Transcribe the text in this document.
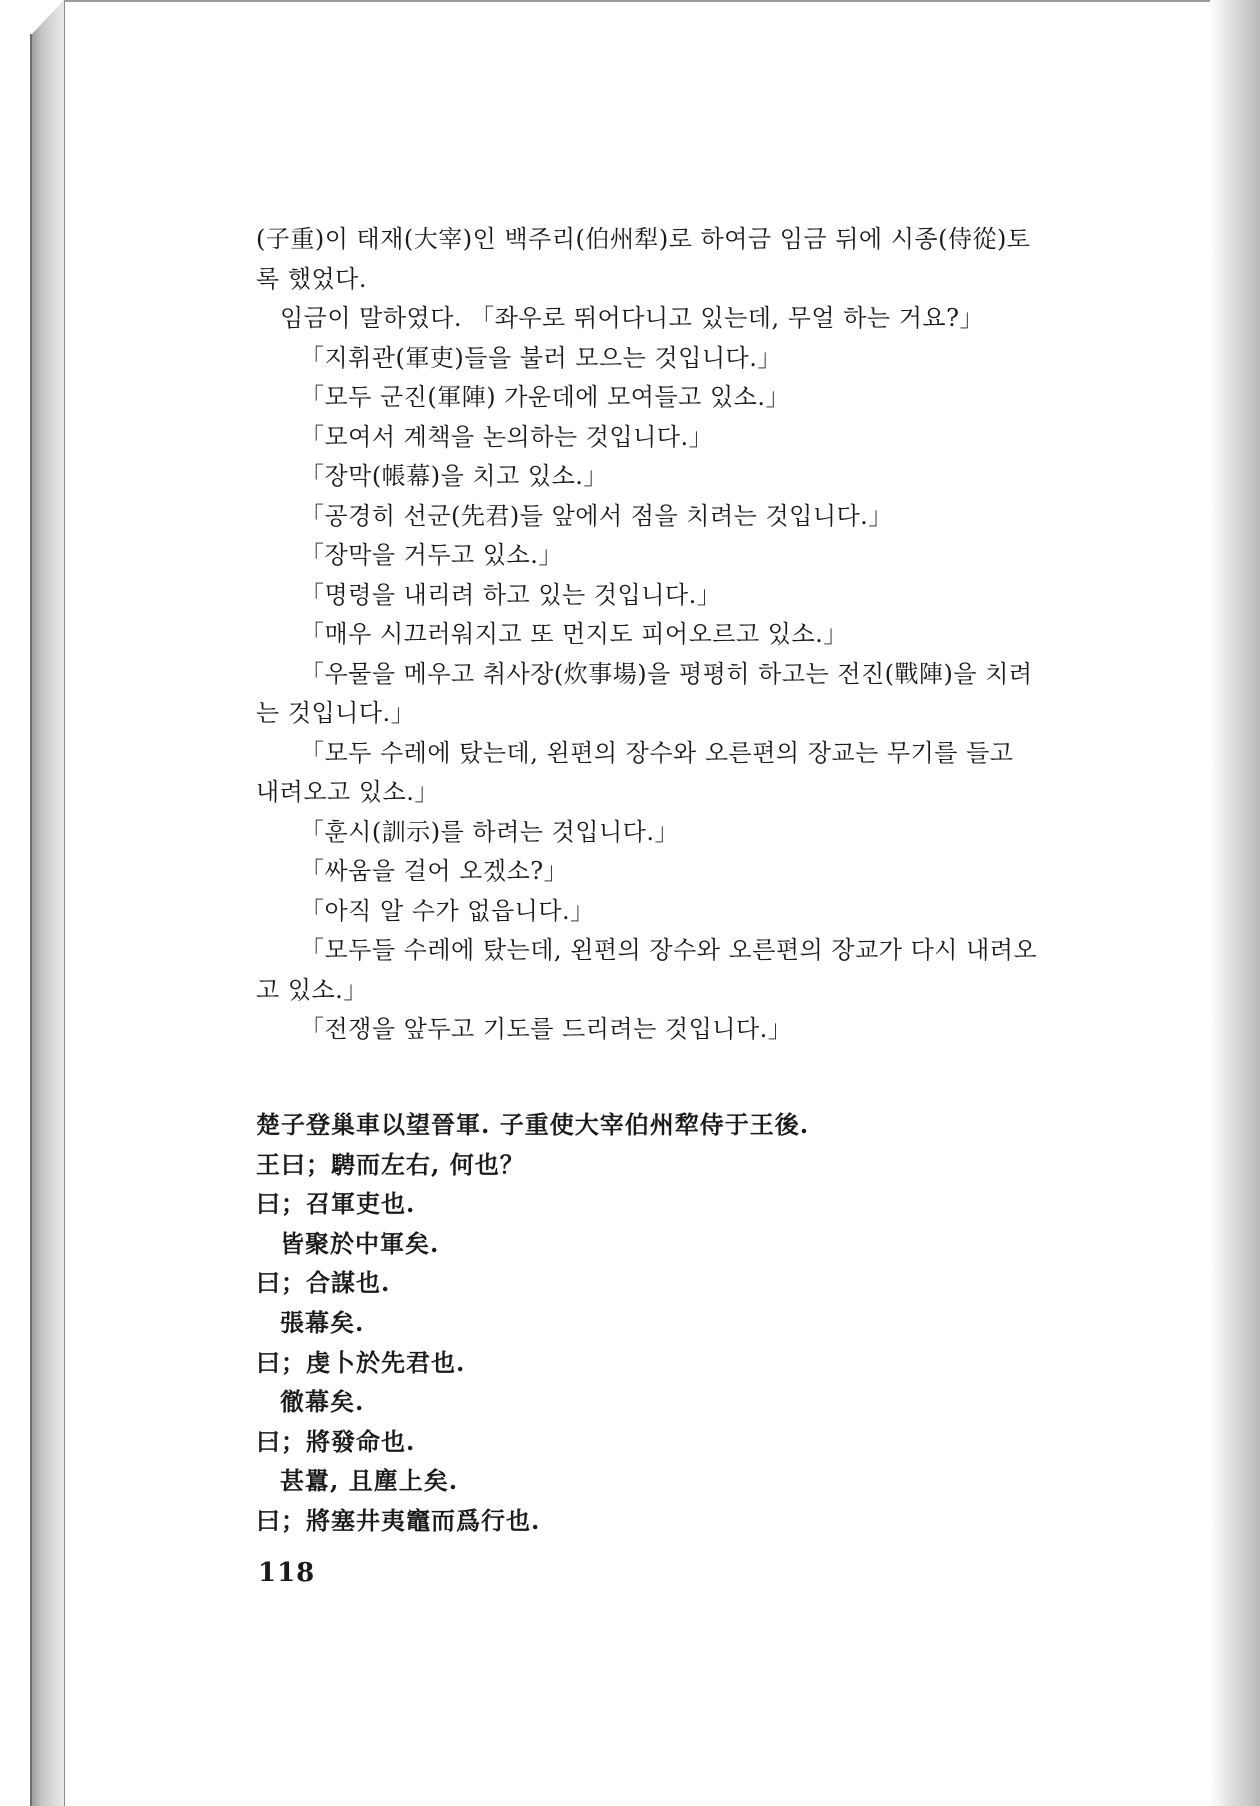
(子重)이 태재(大宰)인 백주리(伯州犁)로 하여금 임금 뒤에 시종(侍從)토
록 했었다.
임금이 말하였다. 「좌우로 뛰어다니고 있는데, 무얼 하는 거요?」
「지휘관(軍吏)들을 불러 모으는 것입니다.」
「모두 군진(軍陣) 가운데에 모여들고 있소.」
「모여서 계책을 논의하는 것입니다.」
「장막(帳幕)을 치고 있소.」
「공경히 선군(先君)들 앞에서 점을 치려는 것입니다.」
「장막을 거두고 있소.」
「명령을 내리려 하고 있는 것입니다.」
「매우 시끄러워지고 또 먼지도 피어오르고 있소.」
「우물을 메우고 취사장(炊事場)을 평평히 하고는 전진(戰陣)을 치려
는 것입니다.」
「모두 수레에 탔는데, 왼편의 장수와 오른편의 장교는 무기를 들고
내려오고 있소.」
「훈시(訓示)를 하려는 것입니다.」
「싸움을 걸어 오겠소?」
「아직 알 수가 없읍니다.」
「모두들 수레에 탔는데, 왼편의 장수와 오른편의 장교가 다시 내려오
고 있소.」
「전쟁을 앞두고 기도를 드리려는 것입니다.」
楚子登巢車以望晉軍. 子重使大宰伯州犂侍于王後.
王曰；騁而左右, 何也？
曰；召軍吏也.
皆聚於中軍矣.
曰；合謀也.
張幕矣.
曰；虔卜於先君也.
徹幕矣.
曰；將發命也.
甚囂, 且塵上矣.
曰；將塞井夷竈而爲行也.
118
